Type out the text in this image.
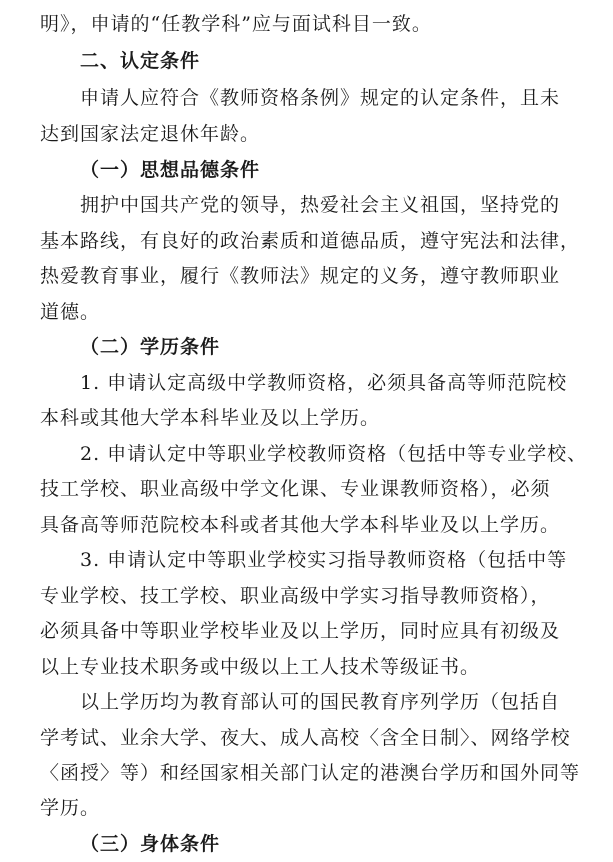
明》，申请的“任教学科”应与面试科目一致。
二、认定条件
申请人应符合《教师资格条例》规定的认定条件，且未
达到国家法定退休年龄。
（一）思想品德条件
拥护中国共产党的领导，热爱社会主义祖国，坚持党的
基本路线，有良好的政治素质和道德品质，遵守宪法和法律，
热爱教育事业，履行《教师法》规定的义务，遵守教师职业
道德。
（二）学历条件
1. 申请认定高级中学教师资格，必须具备高等师范院校
本科或其他大学本科毕业及以上学历。
2. 申请认定中等职业学校教师资格（包括中等专业学校、
技工学校、职业高级中学文化课、专业课教师资格），必须
具备高等师范院校本科或者其他大学本科毕业及以上学历。
3. 申请认定中等职业学校实习指导教师资格（包括中等
专业学校、技工学校、职业高级中学实习指导教师资格），
必须具备中等职业学校毕业及以上学历，同时应具有初级及
以上专业技术职务或中级以上工人技术等级证书。
以上学历均为教育部认可的国民教育序列学历（包括自
学考试、业余大学、夜大、成人高校〈含全日制〉、网络学校
〈函授〉等）和经国家相关部门认定的港澳台学历和国外同等
学历。
（三）身体条件
